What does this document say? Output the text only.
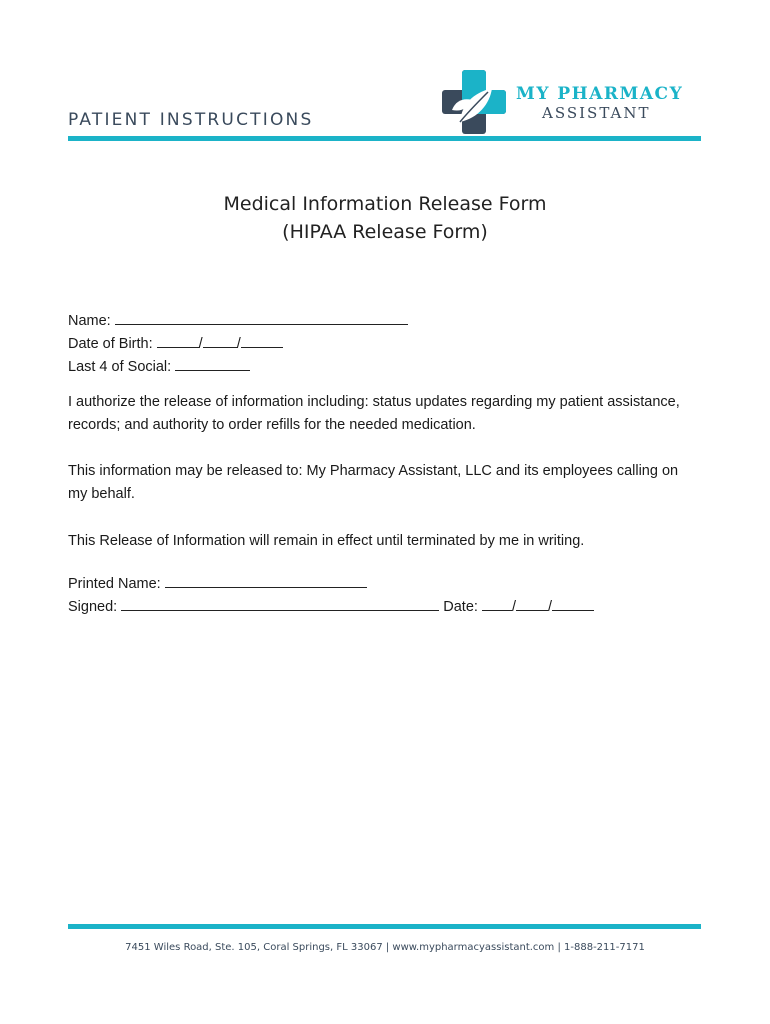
PATIENT INSTRUCTIONS
MY PHARMACY
ASSISTANT
Medical Information Release Form
(HIPAA Release Form)
Name:
Date of Birth:	/ /
Last 4 of Social:
I authorize the release of information including: status updates regarding my patient assistance, records; and authority to order refills for the needed medication.
This information may be released to: My Pharmacy Assistant, LLC and its employees calling on my behalf.
This Release of Information will remain in effect until terminated by me in writing.
Printed Name:
Signed:	Date: / /
7451 Wiles Road, Ste. 105, Coral Springs, FL 33067 | www.mypharmacyassistant.com | 1-888-211-7171
